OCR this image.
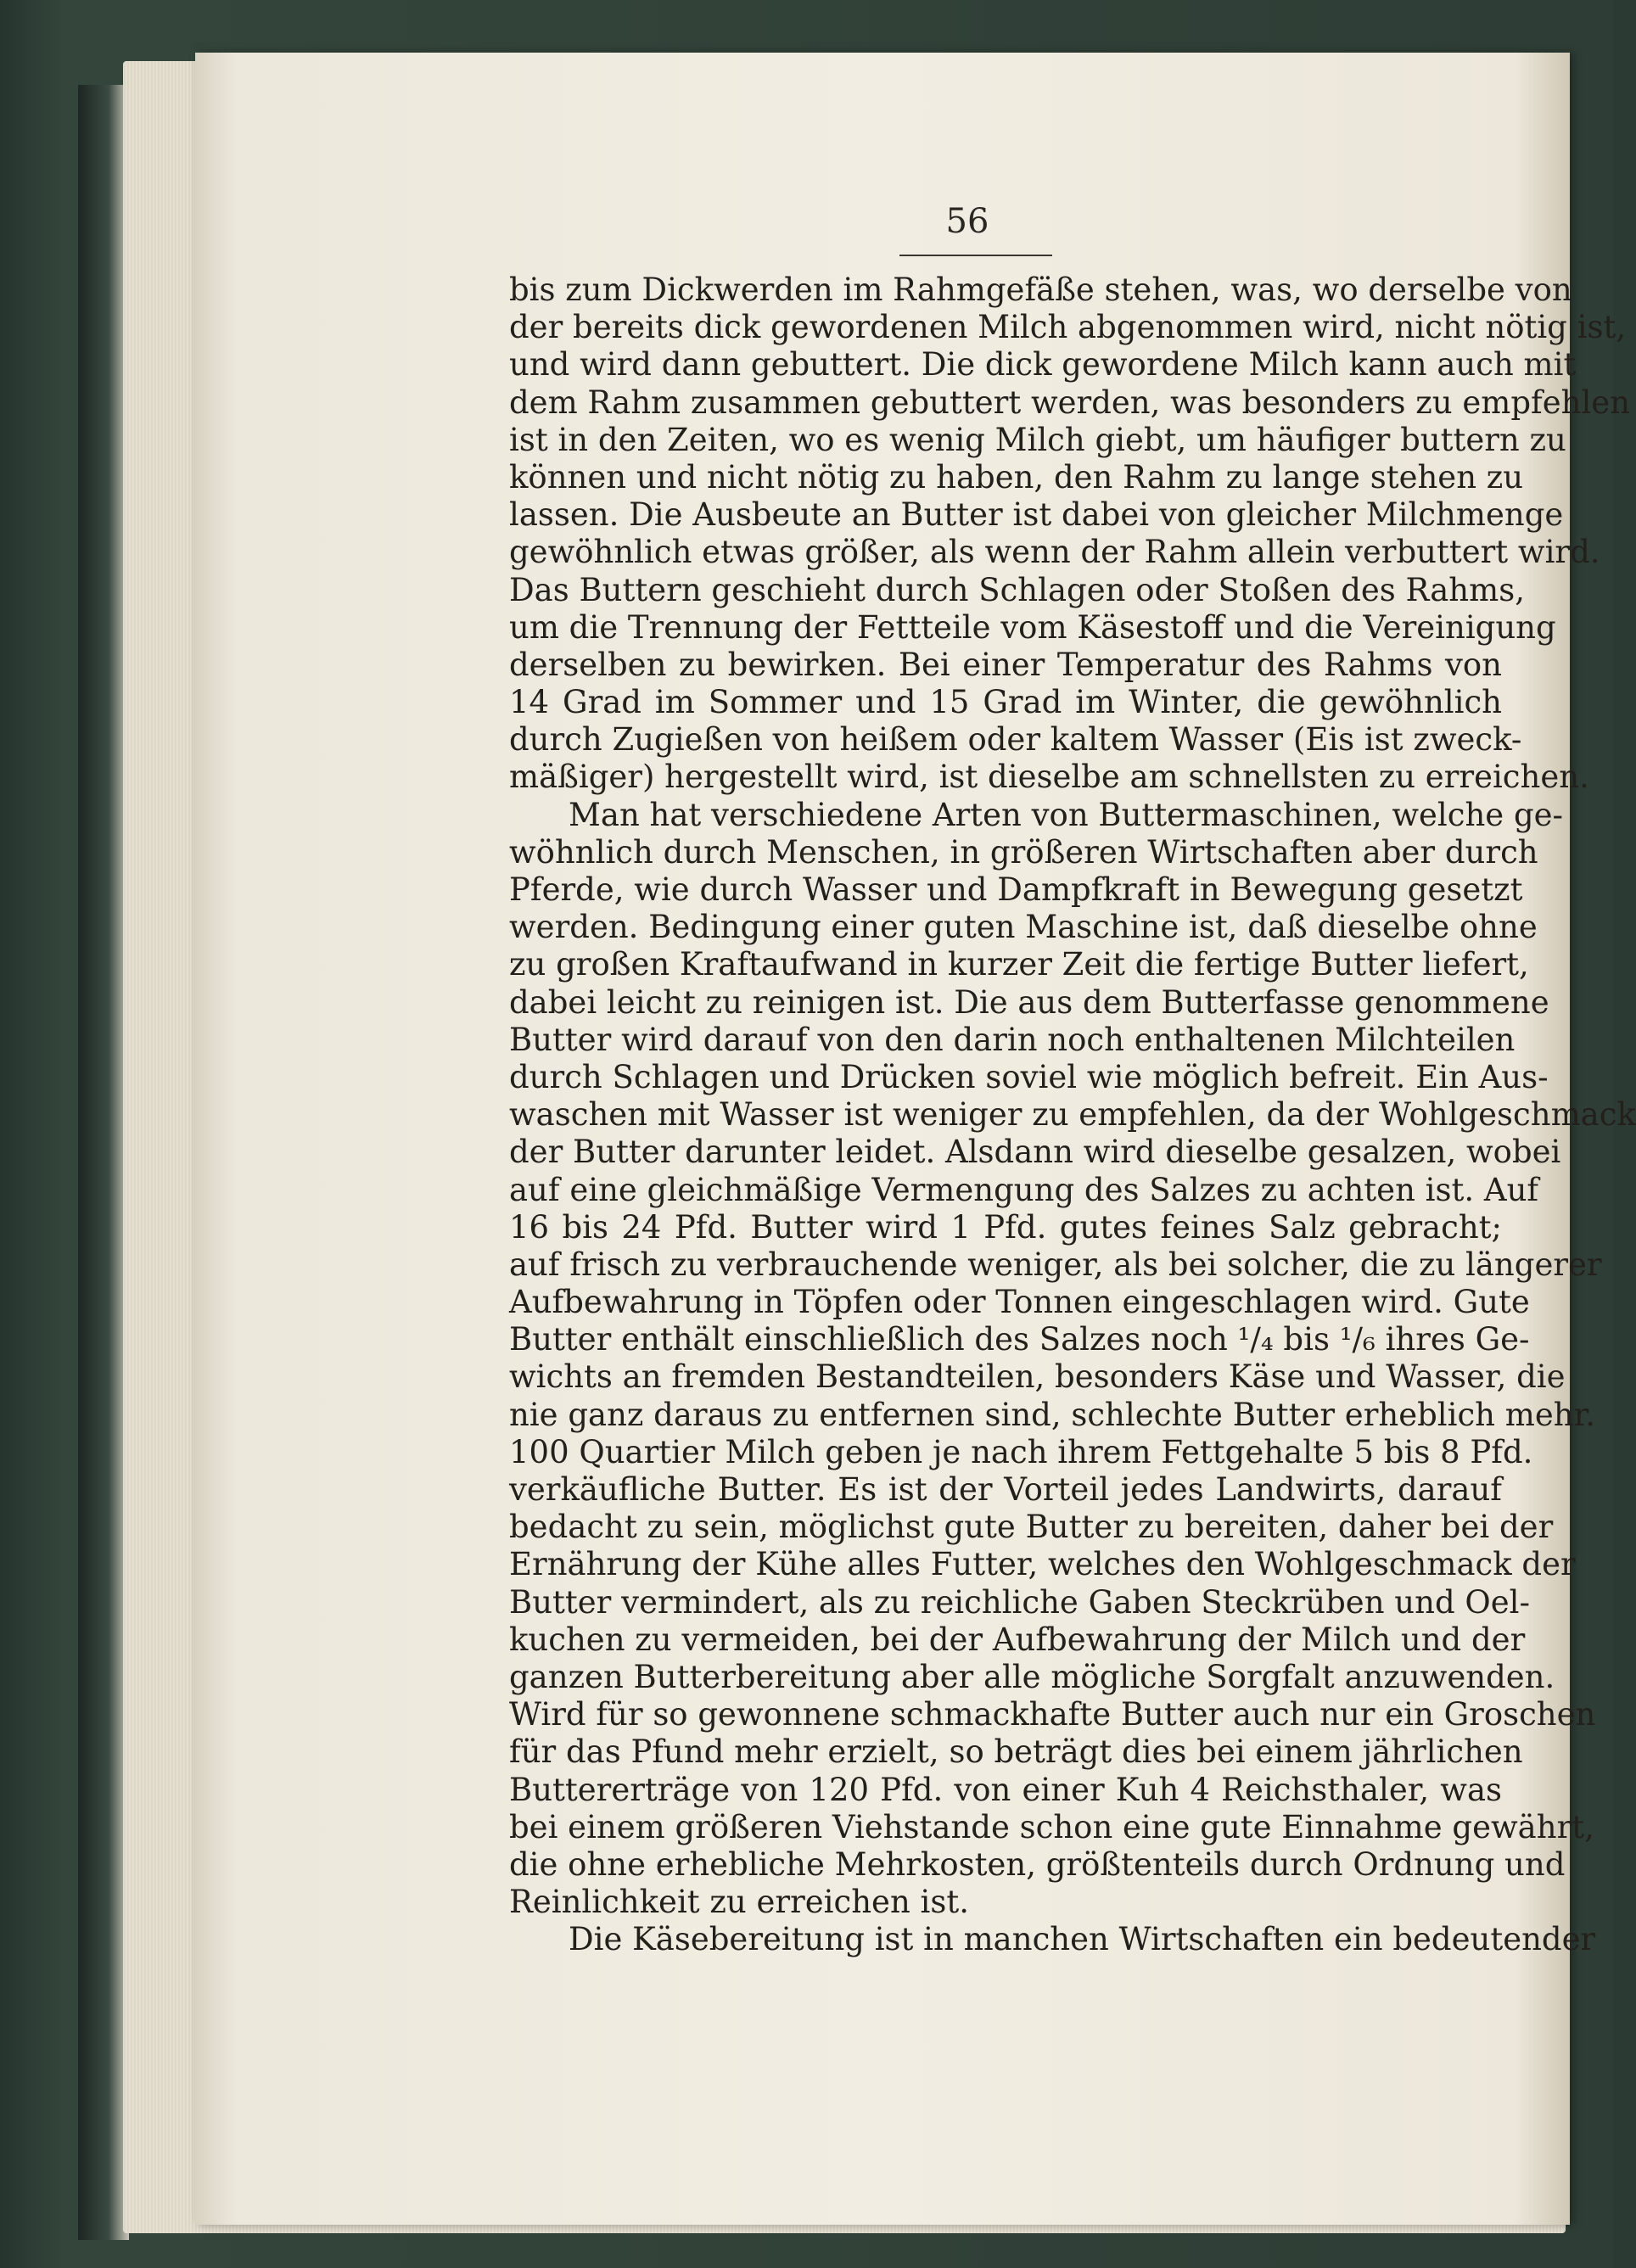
56
bis zum Dickwerden im Rahmgefäße stehen, was, wo derselbe von
der bereits dick gewordenen Milch abgenommen wird, nicht nötig ist,
und wird dann gebuttert. Die dick gewordene Milch kann auch mit
dem Rahm zusammen gebuttert werden, was besonders zu empfehlen
ist in den Zeiten, wo es wenig Milch giebt, um häufiger buttern zu
können und nicht nötig zu haben, den Rahm zu lange stehen zu
lassen. Die Ausbeute an Butter ist dabei von gleicher Milchmenge
gewöhnlich etwas größer, als wenn der Rahm allein verbuttert wird.
Das Buttern geschieht durch Schlagen oder Stoßen des Rahms,
um die Trennung der Fettteile vom Käsestoff und die Vereinigung
derselben zu bewirken. Bei einer Temperatur des Rahms von
14 Grad im Sommer und 15 Grad im Winter, die gewöhnlich
durch Zugießen von heißem oder kaltem Wasser (Eis ist zweck-
mäßiger) hergestellt wird, ist dieselbe am schnellsten zu erreichen.
Man hat verschiedene Arten von Buttermaschinen, welche ge-
wöhnlich durch Menschen, in größeren Wirtschaften aber durch
Pferde, wie durch Wasser und Dampfkraft in Bewegung gesetzt
werden. Bedingung einer guten Maschine ist, daß dieselbe ohne
zu großen Kraftaufwand in kurzer Zeit die fertige Butter liefert,
dabei leicht zu reinigen ist. Die aus dem Butterfasse genommene
Butter wird darauf von den darin noch enthaltenen Milchteilen
durch Schlagen und Drücken soviel wie möglich befreit. Ein Aus-
waschen mit Wasser ist weniger zu empfehlen, da der Wohlgeschmack
der Butter darunter leidet. Alsdann wird dieselbe gesalzen, wobei
auf eine gleichmäßige Vermengung des Salzes zu achten ist. Auf
16 bis 24 Pfd. Butter wird 1 Pfd. gutes feines Salz gebracht;
auf frisch zu verbrauchende weniger, als bei solcher, die zu längerer
Aufbewahrung in Töpfen oder Tonnen eingeschlagen wird. Gute
Butter enthält einschließlich des Salzes noch ¹/₄ bis ¹/₆ ihres Ge-
wichts an fremden Bestandteilen, besonders Käse und Wasser, die
nie ganz daraus zu entfernen sind, schlechte Butter erheblich mehr.
100 Quartier Milch geben je nach ihrem Fettgehalte 5 bis 8 Pfd.
verkäufliche Butter. Es ist der Vorteil jedes Landwirts, darauf
bedacht zu sein, möglichst gute Butter zu bereiten, daher bei der
Ernährung der Kühe alles Futter, welches den Wohlgeschmack der
Butter vermindert, als zu reichliche Gaben Steckrüben und Oel-
kuchen zu vermeiden, bei der Aufbewahrung der Milch und der
ganzen Butterbereitung aber alle mögliche Sorgfalt anzuwenden.
Wird für so gewonnene schmackhafte Butter auch nur ein Groschen
für das Pfund mehr erzielt, so beträgt dies bei einem jährlichen
Buttererträge von 120 Pfd. von einer Kuh 4 Reichsthaler, was
bei einem größeren Viehstande schon eine gute Einnahme gewährt,
die ohne erhebliche Mehrkosten, größtenteils durch Ordnung und
Reinlichkeit zu erreichen ist.
Die Käsebereitung ist in manchen Wirtschaften ein bedeutender
